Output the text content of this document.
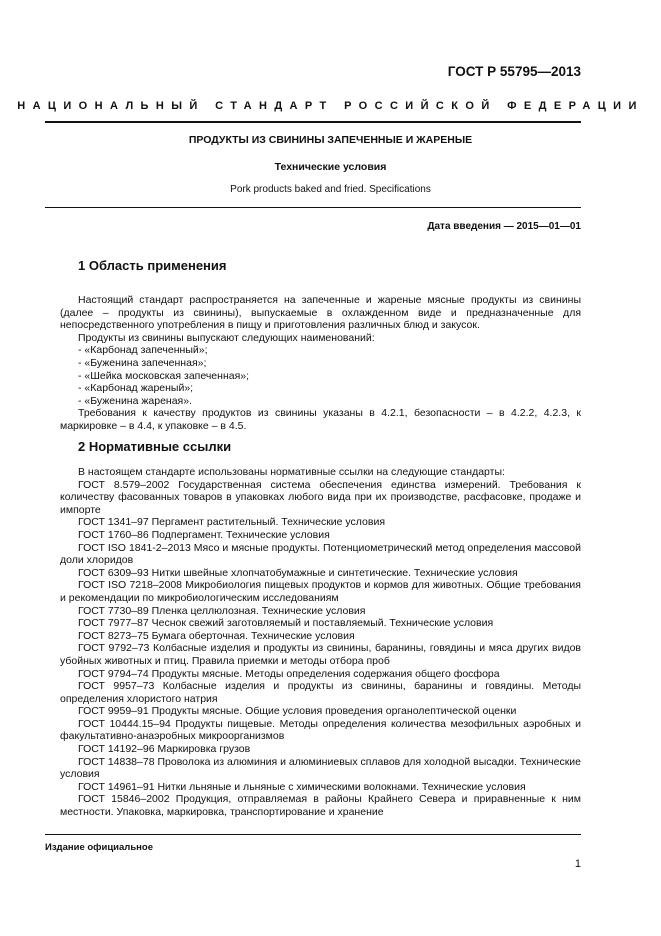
ГОСТ Р 55795—2013
НАЦИОНАЛЬНЫЙ СТАНДАРТ РОССИЙСКОЙ ФЕДЕРАЦИИ
ПРОДУКТЫ ИЗ СВИНИНЫ ЗАПЕЧЕННЫЕ И ЖАРЕНЫЕ
Технические условия
Pork products baked and fried. Specifications
Дата введения — 2015—01—01
1 Область применения

Настоящий стандарт распространяется на запеченные и жареные мясные продукты из свинины (далее – продукты из свинины), выпускаемые в охлажденном виде и предназначенные для непосредственного употребления в пищу и приготовления различных блюд и закусок.

Продукты из свинины выпускают следующих наименований:

- «Карбонад запеченный»;

- «Буженина запеченная»;

- «Шейка московская запеченная»;

- «Карбонад жареный»;

- «Буженина жареная».

Требования к качеству продуктов из свинины указаны в 4.2.1, безопасности – в 4.2.2, 4.2.3, к маркировке – в 4.4, к упаковке – в 4.5.

2 Нормативные ссылки

В настоящем стандарте использованы нормативные ссылки на следующие стандарты:

ГОСТ 8.579–2002 Государственная система обеспечения единства измерений. Требования к количеству фасованных товаров в упаковках любого вида при их производстве, расфасовке, продаже и импорте

ГОСТ 1341–97 Пергамент растительный. Технические условия

ГОСТ 1760–86 Подпергамент. Технические условия

ГОСТ ISO 1841-2–2013 Мясо и мясные продукты. Потенциометрический метод определения массовой доли хлоридов

ГОСТ 6309–93 Нитки швейные хлопчатобумажные и синтетические. Технические условия

ГОСТ ISO 7218–2008 Микробиология пищевых продуктов и кормов для животных. Общие требования и рекомендации по микробиологическим исследованиям

ГОСТ 7730–89 Пленка целлюлозная. Технические условия

ГОСТ 7977–87 Чеснок свежий заготовляемый и поставляемый. Технические условия

ГОСТ 8273–75 Бумага оберточная. Технические условия

ГОСТ 9792–73 Колбасные изделия и продукты из свинины, баранины, говядины и мяса других видов убойных животных и птиц. Правила приемки и методы отбора проб

ГОСТ 9794–74 Продукты мясные. Методы определения содержания общего фосфора

ГОСТ 9957–73 Колбасные изделия и продукты из свинины, баранины и говядины. Методы определения хлористого натрия

ГОСТ 9959–91 Продукты мясные. Общие условия проведения органолептической оценки

ГОСТ 10444.15–94 Продукты пищевые. Методы определения количества мезофильных аэробных и факультативно-анаэробных микроорганизмов

ГОСТ 14192–96 Маркировка грузов

ГОСТ 14838–78 Проволока из алюминия и алюминиевых сплавов для холодной высадки. Технические условия

ГОСТ 14961–91 Нитки льняные и льняные с химическими волокнами. Технические условия

ГОСТ 15846–2002 Продукция, отправляемая в районы Крайнего Севера и приравненные к ним местности. Упаковка, маркировка, транспортирование и хранение

Издание официальное
1
